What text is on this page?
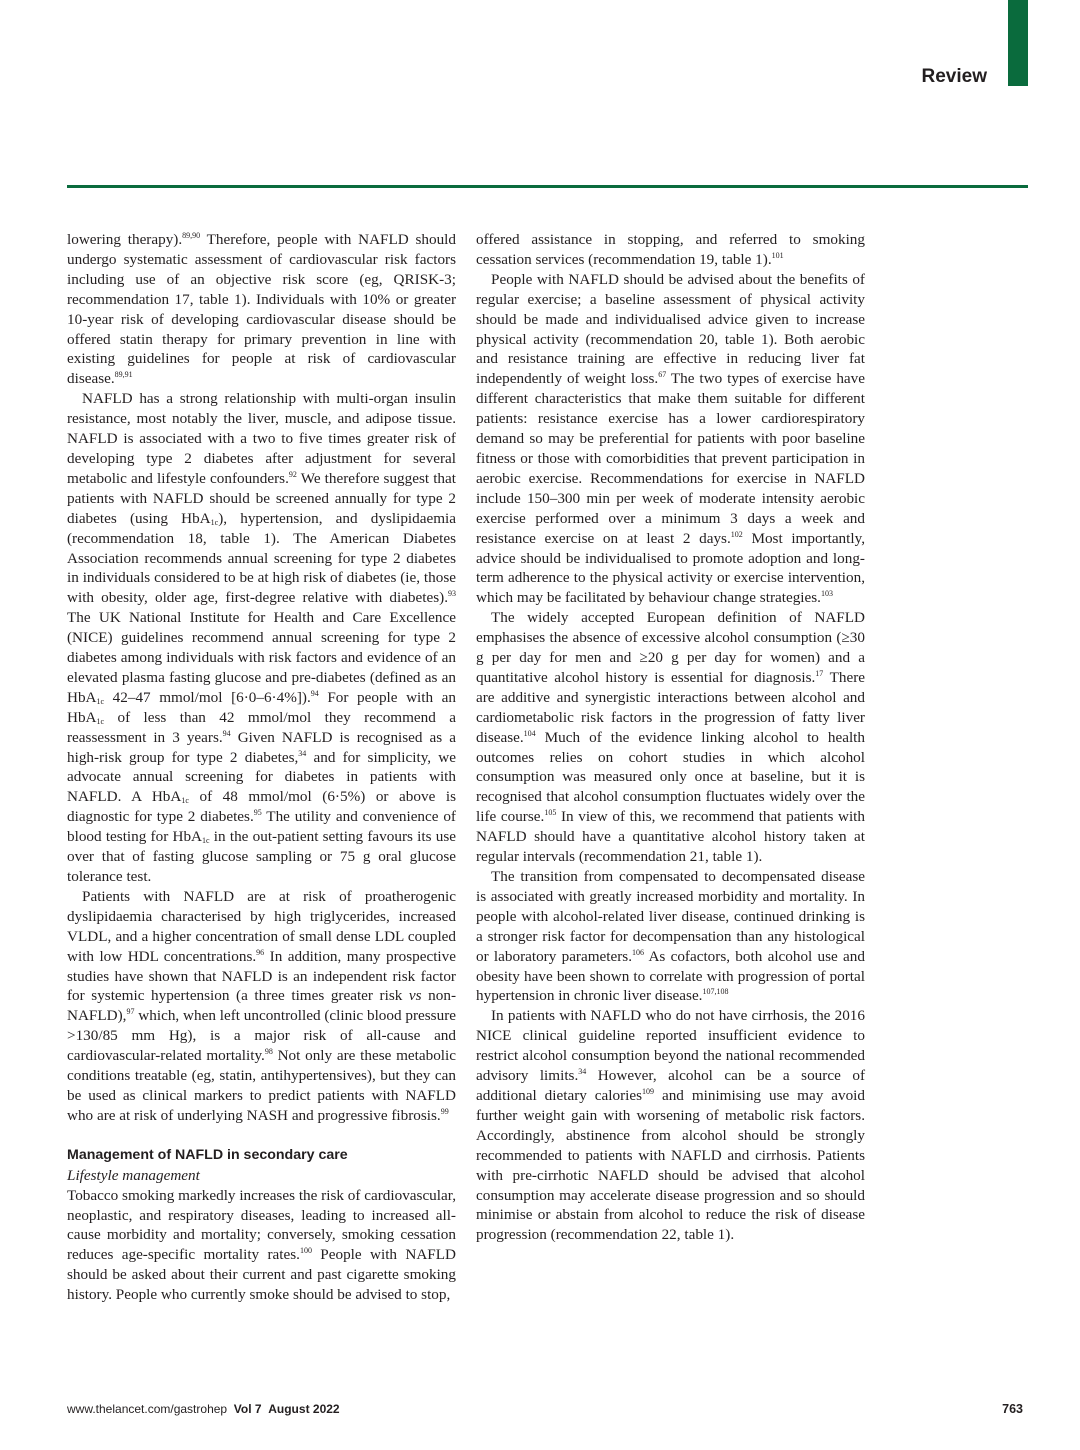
Review

lowering therapy).$^{89,90}$ Therefore, people with NAFLD should undergo systematic assessment of cardiovascular risk factors including use of an objective risk score (eg, QRISK-3; recommendation 17, table 1). Individuals with 10% or greater 10-year risk of developing cardiovascular disease should be offered statin therapy for primary prevention in line with existing guidelines for people at risk of cardiovascular disease.$^{89,91}$

NAFLD has a strong relationship with multi-organ insulin resistance, most notably the liver, muscle, and adipose tissue. NAFLD is associated with a two to five times greater risk of developing type 2 diabetes after adjustment for several metabolic and lifestyle confounders.$^{92}$ We therefore suggest that patients with NAFLD should be screened annually for type 2 diabetes (using HbA$_{1c}$), hypertension, and dyslipidaemia (recommendation 18, table 1). The American Diabetes Association recommends annual screening for type 2 diabetes in individuals considered to be at high risk of diabetes (ie, those with obesity, older age, first-degree relative with diabetes).$^{93}$ The UK National Institute for Health and Care Excellence (NICE) guidelines recommend annual screening for type 2 diabetes among individuals with risk factors and evidence of an elevated plasma fasting glucose and pre-diabetes (defined as an HbA$_{1c}$ 42–47 mmol/mol [6·0–6·4%]).$^{94}$ For people with an HbA$_{1c}$ of less than 42 mmol/mol they recommend a reassessment in 3 years.$^{94}$ Given NAFLD is recognised as a high-risk group for type 2 diabetes,$^{34}$ and for simplicity, we advocate annual screening for diabetes in patients with NAFLD. A HbA$_{1c}$ of 48 mmol/mol (6·5%) or above is diagnostic for type 2 diabetes.$^{95}$ The utility and convenience of blood testing for HbA$_{1c}$ in the out-patient setting favours its use over that of fasting glucose sampling or 75 g oral glucose tolerance test.

Patients with NAFLD are at risk of proatherogenic dyslipidaemia characterised by high triglycerides, increased VLDL, and a higher concentration of small dense LDL coupled with low HDL concentrations.$^{96}$ In addition, many prospective studies have shown that NAFLD is an independent risk factor for systemic hypertension (a three times greater risk vs non-NAFLD),$^{97}$ which, when left uncontrolled (clinic blood pressure >130/85 mm Hg), is a major risk of all-cause and cardiovascular-related mortality.$^{98}$ Not only are these metabolic conditions treatable (eg, statin, antihypertensives), but they can be used as clinical markers to predict patients with NAFLD who are at risk of underlying NASH and progressive fibrosis.$^{99}$

Management of NAFLD in secondary care
Lifestyle management

Tobacco smoking markedly increases the risk of cardiovascular, neoplastic, and respiratory diseases, leading to increased all-cause morbidity and mortality; conversely, smoking cessation reduces age-specific mortality rates.$^{100}$ People with NAFLD should be asked about their current and past cigarette smoking history. People who currently smoke should be advised to stop,

offered assistance in stopping, and referred to smoking cessation services (recommendation 19, table 1).$^{101}$

People with NAFLD should be advised about the benefits of regular exercise; a baseline assessment of physical activity should be made and individualised advice given to increase physical activity (recommendation 20, table 1). Both aerobic and resistance training are effective in reducing liver fat independently of weight loss.$^{67}$ The two types of exercise have different characteristics that make them suitable for different patients: resistance exercise has a lower cardiorespiratory demand so may be preferential for patients with poor baseline fitness or those with comorbidities that prevent participation in aerobic exercise. Recommendations for exercise in NAFLD include 150–300 min per week of moderate intensity aerobic exercise performed over a minimum 3 days a week and resistance exercise on at least 2 days.$^{102}$ Most importantly, advice should be individualised to promote adoption and long-term adherence to the physical activity or exercise intervention, which may be facilitated by behaviour change strategies.$^{103}$

The widely accepted European definition of NAFLD emphasises the absence of excessive alcohol consumption (≥30 g per day for men and ≥20 g per day for women) and a quantitative alcohol history is essential for diagnosis.$^{17}$ There are additive and synergistic interactions between alcohol and cardiometabolic risk factors in the progression of fatty liver disease.$^{104}$ Much of the evidence linking alcohol to health outcomes relies on cohort studies in which alcohol consumption was measured only once at baseline, but it is recognised that alcohol consumption fluctuates widely over the life course.$^{105}$ In view of this, we recommend that patients with NAFLD should have a quantitative alcohol history taken at regular intervals (recommendation 21, table 1).

The transition from compensated to decompensated disease is associated with greatly increased morbidity and mortality. In people with alcohol-related liver disease, continued drinking is a stronger risk factor for decompensation than any histological or laboratory parameters.$^{106}$ As cofactors, both alcohol use and obesity have been shown to correlate with progression of portal hypertension in chronic liver disease.$^{107,108}$

In patients with NAFLD who do not have cirrhosis, the 2016 NICE clinical guideline reported insufficient evidence to restrict alcohol consumption beyond the national recommended advisory limits.$^{34}$ However, alcohol can be a source of additional dietary calories$^{109}$ and minimising use may avoid further weight gain with worsening of metabolic risk factors. Accordingly, abstinence from alcohol should be strongly recommended to patients with NAFLD and cirrhosis. Patients with pre-cirrhotic NAFLD should be advised that alcohol consumption may accelerate disease progression and so should minimise or abstain from alcohol to reduce the risk of disease progression (recommendation 22, table 1).

www.thelancet.com/gastrohep Vol 7 August 2022	763
